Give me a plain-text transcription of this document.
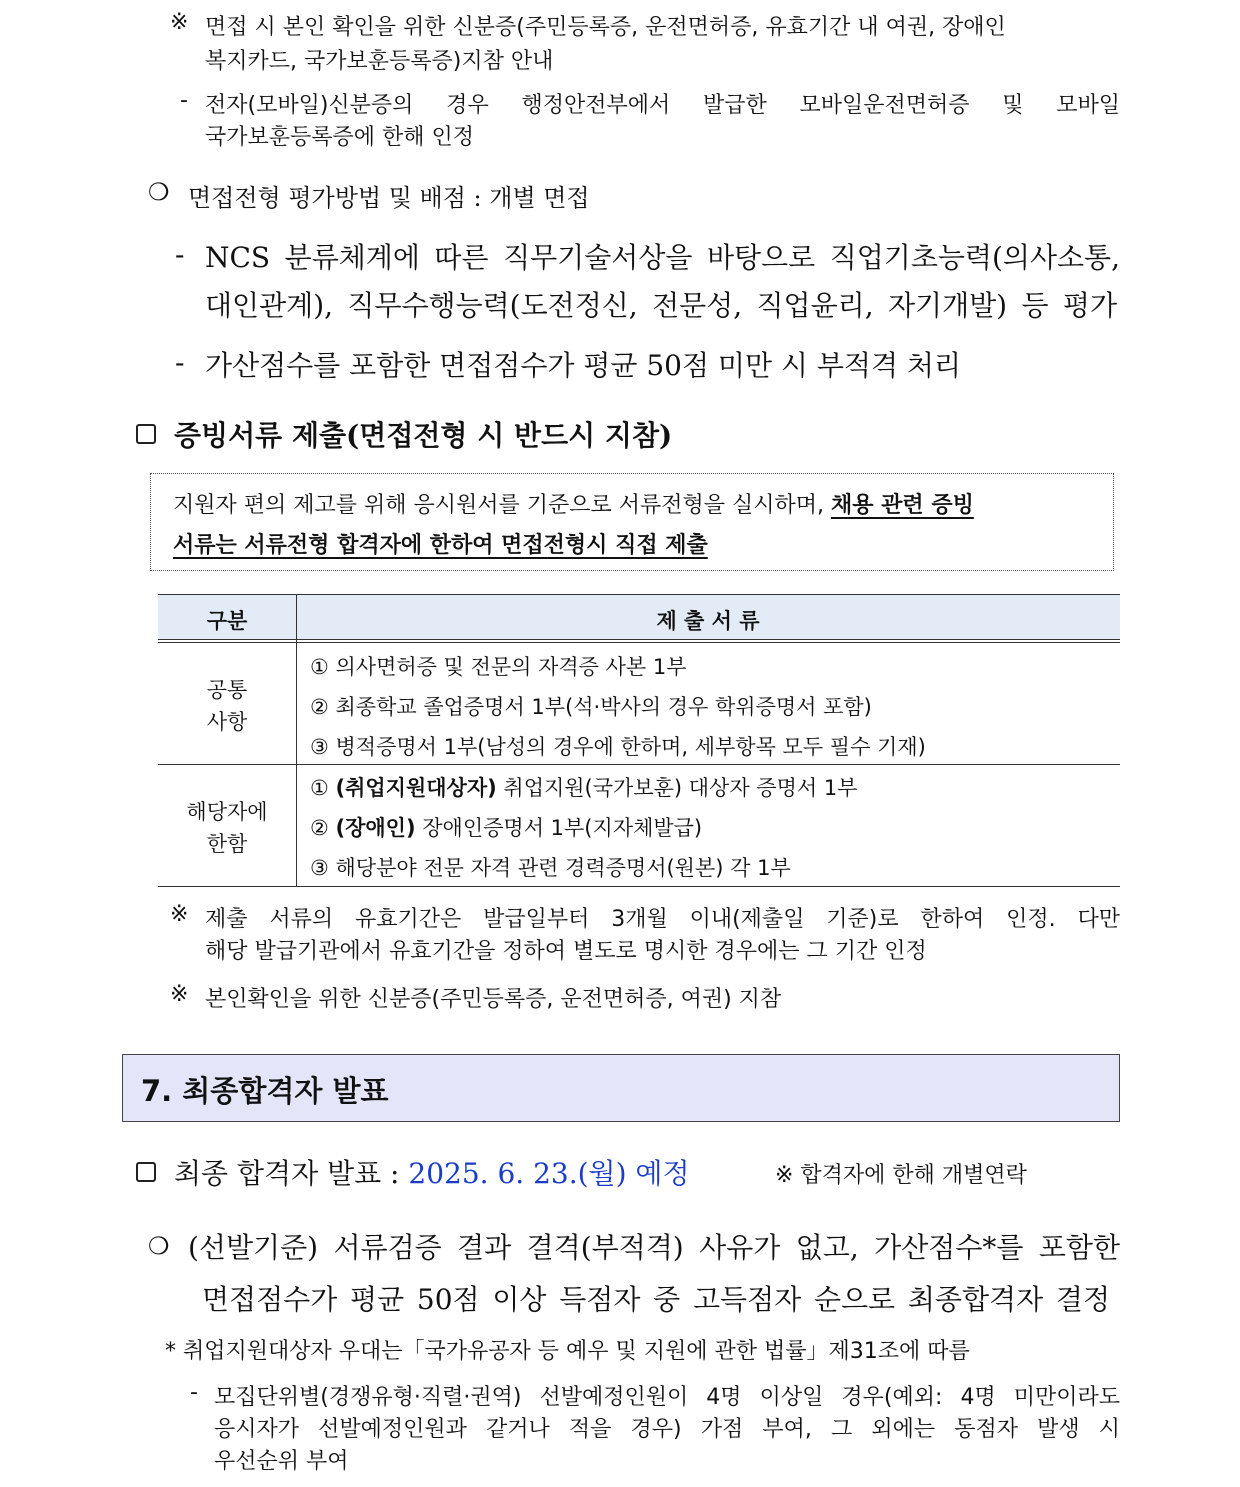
※ 면접 시 본인 확인을 위한 신분증(주민등록증, 운전면허증, 유효기간 내 여권, 장애인
복지카드, 국가보훈등록증)지참 안내
- 전자(모바일)신분증의 경우 행정안전부에서 발급한 모바일운전면허증 및 모바일
국가보훈등록증에 한해 인정
❍ 면접전형 평가방법 및 배점 : 개별 면접
- NCS 분류체계에 따른 직무기술서상을 바탕으로 직업기초능력(의사소통,
대인관계), 직무수행능력(도전정신, 전문성, 직업윤리, 자기개발) 등 평가
- 가산점수를 포함한 면접점수가 평균 50점 미만 시 부적격 처리
증빙서류 제출(면접전형 시 반드시 지참)
지원자 편의 제고를 위해 응시원서를 기준으로 서류전형을 실시하며, 채용 관련 증빙
서류는 서류전형 합격자에 한하여 면접전형시 직접 제출
구분	제 출 서 류
공통
사항
① 의사면허증 및 전문의 자격증 사본 1부
② 최종학교 졸업증명서 1부(석·박사의 경우 학위증명서 포함)
③ 병적증명서 1부(남성의 경우에 한하며, 세부항목 모두 필수 기재)
해당자에
한함
① (취업지원대상자) 취업지원(국가보훈) 대상자 증명서 1부
② (장애인) 장애인증명서 1부(지자체발급)
③ 해당분야 전문 자격 관련 경력증명서(원본) 각 1부
※ 제출 서류의 유효기간은 발급일부터 3개월 이내(제출일 기준)로 한하여 인정. 다만
해당 발급기관에서 유효기간을 정하여 별도로 명시한 경우에는 그 기간 인정
※ 본인확인을 위한 신분증(주민등록증, 운전면허증, 여권) 지참
7. 최종합격자 발표
최종 합격자 발표 : 2025. 6. 23.(월) 예정	※ 합격자에 한해 개별연락
❍ (선발기준) 서류검증 결과 결격(부적격) 사유가 없고, 가산점수*를 포함한
면접점수가 평균 50점 이상 득점자 중 고득점자 순으로 최종합격자 결정
* 취업지원대상자 우대는「국가유공자 등 예우 및 지원에 관한 법률」제31조에 따름
- 모집단위별(경쟁유형·직렬·권역) 선발예정인원이 4명 이상일 경우(예외: 4명 미만이라도
응시자가 선발예정인원과 같거나 적을 경우) 가점 부여, 그 외에는 동점자 발생 시
우선순위 부여
